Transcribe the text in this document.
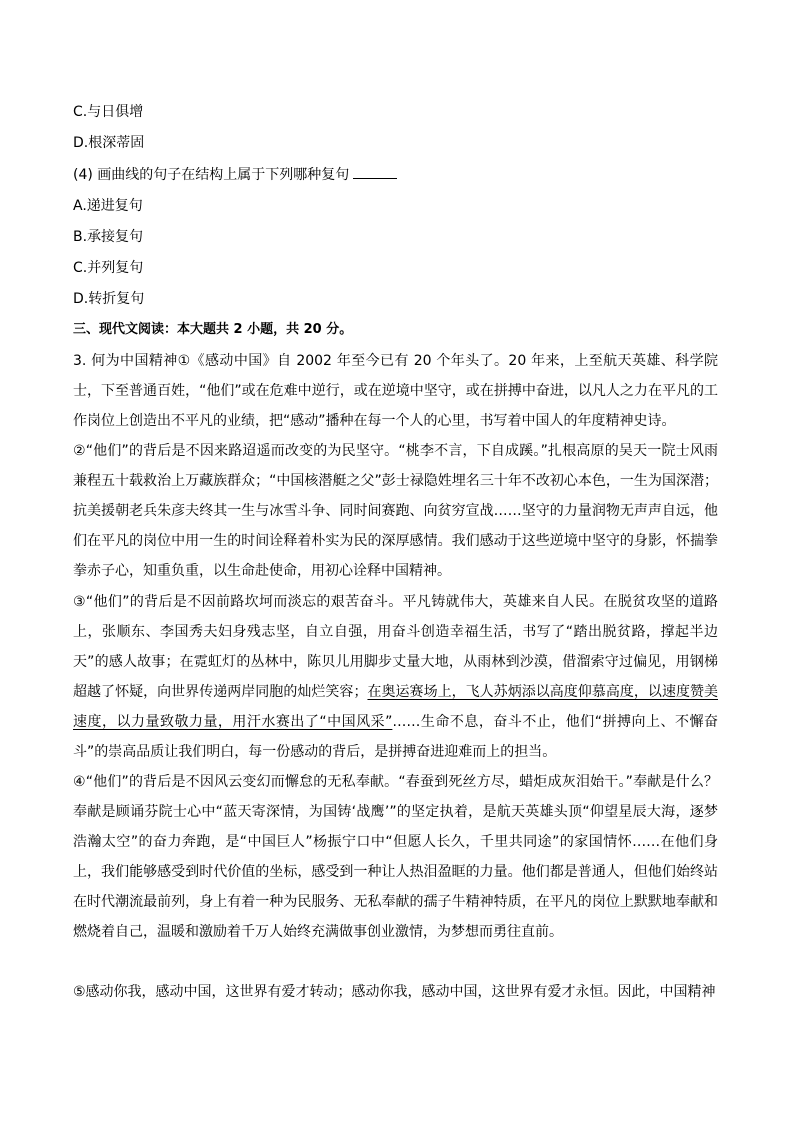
C.与日俱增
D.根深蒂固
(4) 画曲线的句子在结构上属于下列哪种复句
A.递进复句
B.承接复句
C.并列复句
D.转折复句
三、现代文阅读：本大题共 2 小题，共 20 分。

3. 何为中国精神①《感动中国》自 2002 年至今已有 20 个年头了。20 年来，上至航天英雄、科学院士，下至普通百姓，“他们”或在危难中逆行，或在逆境中坚守，或在拼搏中奋进，以凡人之力在平凡的工作岗位上创造出不平凡的业绩，把“感动”播种在每一个人的心里，书写着中国人的年度精神史诗。

②“他们”的背后是不因来路迢遥而改变的为民坚守。“桃李不言，下自成蹊。”扎根高原的吴天一院士风雨兼程五十载救治上万藏族群众；“中国核潜艇之父”彭士禄隐姓埋名三十年不改初心本色，一生为国深潜；抗美援朝老兵朱彦夫终其一生与冰雪斗争、同时间赛跑、向贫穷宣战……坚守的力量润物无声声自远，他们在平凡的岗位中用一生的时间诠释着朴实为民的深厚感情。我们感动于这些逆境中坚守的身影，怀揣拳拳赤子心，知重负重，以生命赴使命，用初心诠释中国精神。

③“他们”的背后是不因前路坎坷而淡忘的艰苦奋斗。平凡铸就伟大，英雄来自人民。在脱贫攻坚的道路上，张顺东、李国秀夫妇身残志坚，自立自强，用奋斗创造幸福生活，书写了“踏出脱贫路，撑起半边天”的感人故事；在霓虹灯的丛林中，陈贝儿用脚步丈量大地，从雨林到沙漠，借溜索守过偏见，用钢梯超越了怀疑，向世界传递两岸同胞的灿烂笑容；在奥运赛场上，飞人苏炳添以高度仰慕高度，以速度赞美速度，以力量致敬力量，用汗水赛出了“中国风采”……生命不息，奋斗不止，他们“拼搏向上、不懈奋斗”的崇高品质让我们明白，每一份感动的背后，是拼搏奋进迎难而上的担当。

④“他们”的背后是不因风云变幻而懈怠的无私奉献。“春蚕到死丝方尽，蜡炬成灰泪始干。”奉献是什么？奉献是顾诵芬院士心中“蓝天寄深情，为国铸‘战鹰’”的坚定执着，是航天英雄头顶“仰望星辰大海，逐梦浩瀚太空”的奋力奔跑，是“中国巨人”杨振宁口中“但愿人长久，千里共同途”的家国情怀……在他们身上，我们能够感受到时代价值的坐标，感受到一种让人热泪盈眶的力量。他们都是普通人，但他们始终站在时代潮流最前列，身上有着一种为民服务、无私奉献的孺子牛精神特质，在平凡的岗位上默默地奉献和燃烧着自己，温暖和激励着千万人始终充满做事创业激情，为梦想而勇往直前。

⑤感动你我，感动中国，这世界有爱才转动；感动你我，感动中国，这世界有爱才永恒。因此，中国精神
